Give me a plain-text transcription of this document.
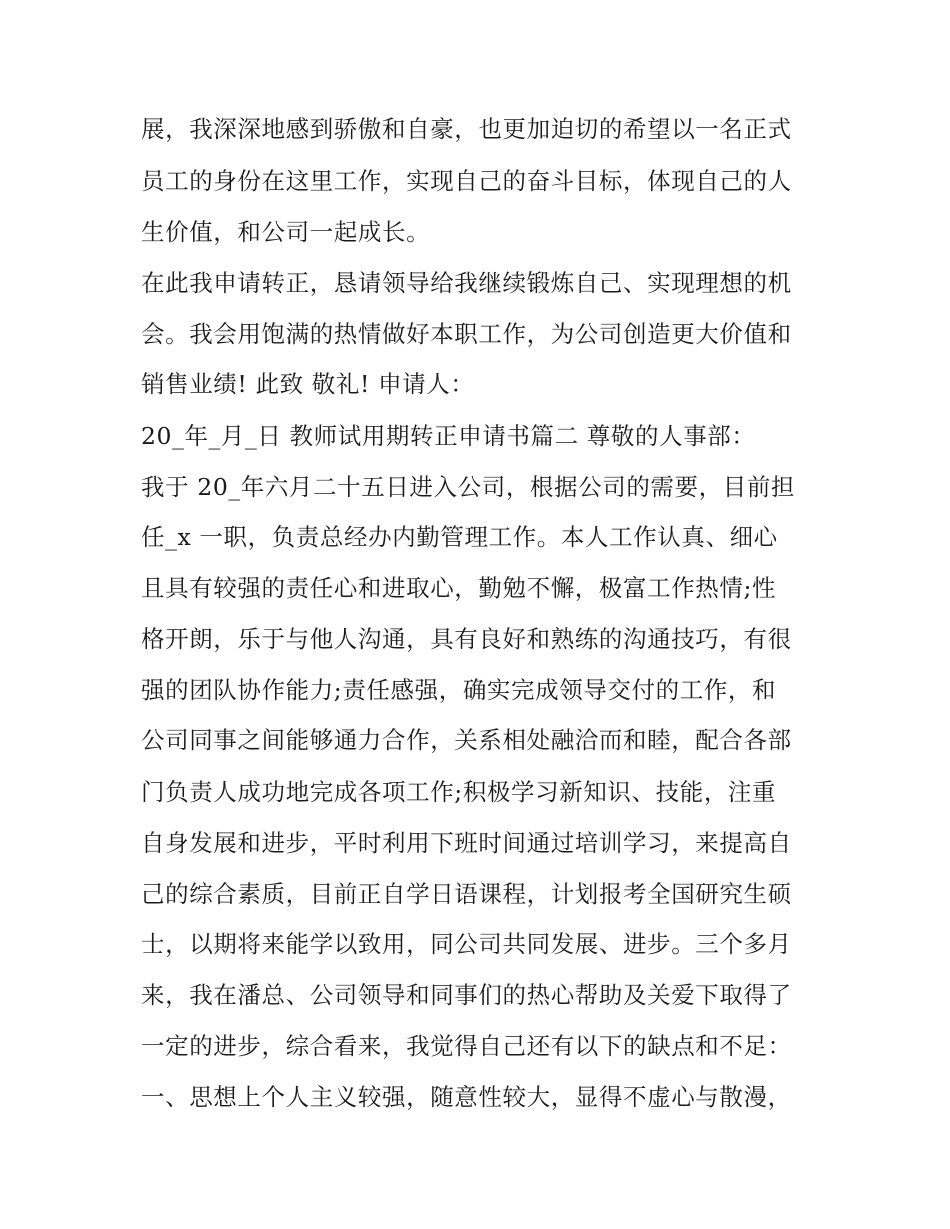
展，我深深地感到骄傲和自豪，也更加迫切的希望以一名正式
员工的身份在这里工作，实现自己的奋斗目标，体现自己的人
生价值，和公司一起成长。
在此我申请转正，恳请领导给我继续锻炼自己、实现理想的机
会。我会用饱满的热情做好本职工作，为公司创造更大价值和
销售业绩! 此致 敬礼! 申请人：
20_年_月_日 教师试用期转正申请书篇二 尊敬的人事部：
我于 20_年六月二十五日进入公司，根据公司的需要，目前担
任_x 一职，负责总经办内勤管理工作。本人工作认真、细心
且具有较强的责任心和进取心，勤勉不懈，极富工作热情;性
格开朗，乐于与他人沟通，具有良好和熟练的沟通技巧，有很
强的团队协作能力;责任感强，确实完成领导交付的工作，和
公司同事之间能够通力合作，关系相处融洽而和睦，配合各部
门负责人成功地完成各项工作;积极学习新知识、技能，注重
自身发展和进步，平时利用下班时间通过培训学习，来提高自
己的综合素质，目前正自学日语课程，计划报考全国研究生硕
士，以期将来能学以致用，同公司共同发展、进步。三个多月
来，我在潘总、公司领导和同事们的热心帮助及关爱下取得了
一定的进步，综合看来，我觉得自己还有以下的缺点和不足：
一、思想上个人主义较强，随意性较大，显得不虚心与散漫，
